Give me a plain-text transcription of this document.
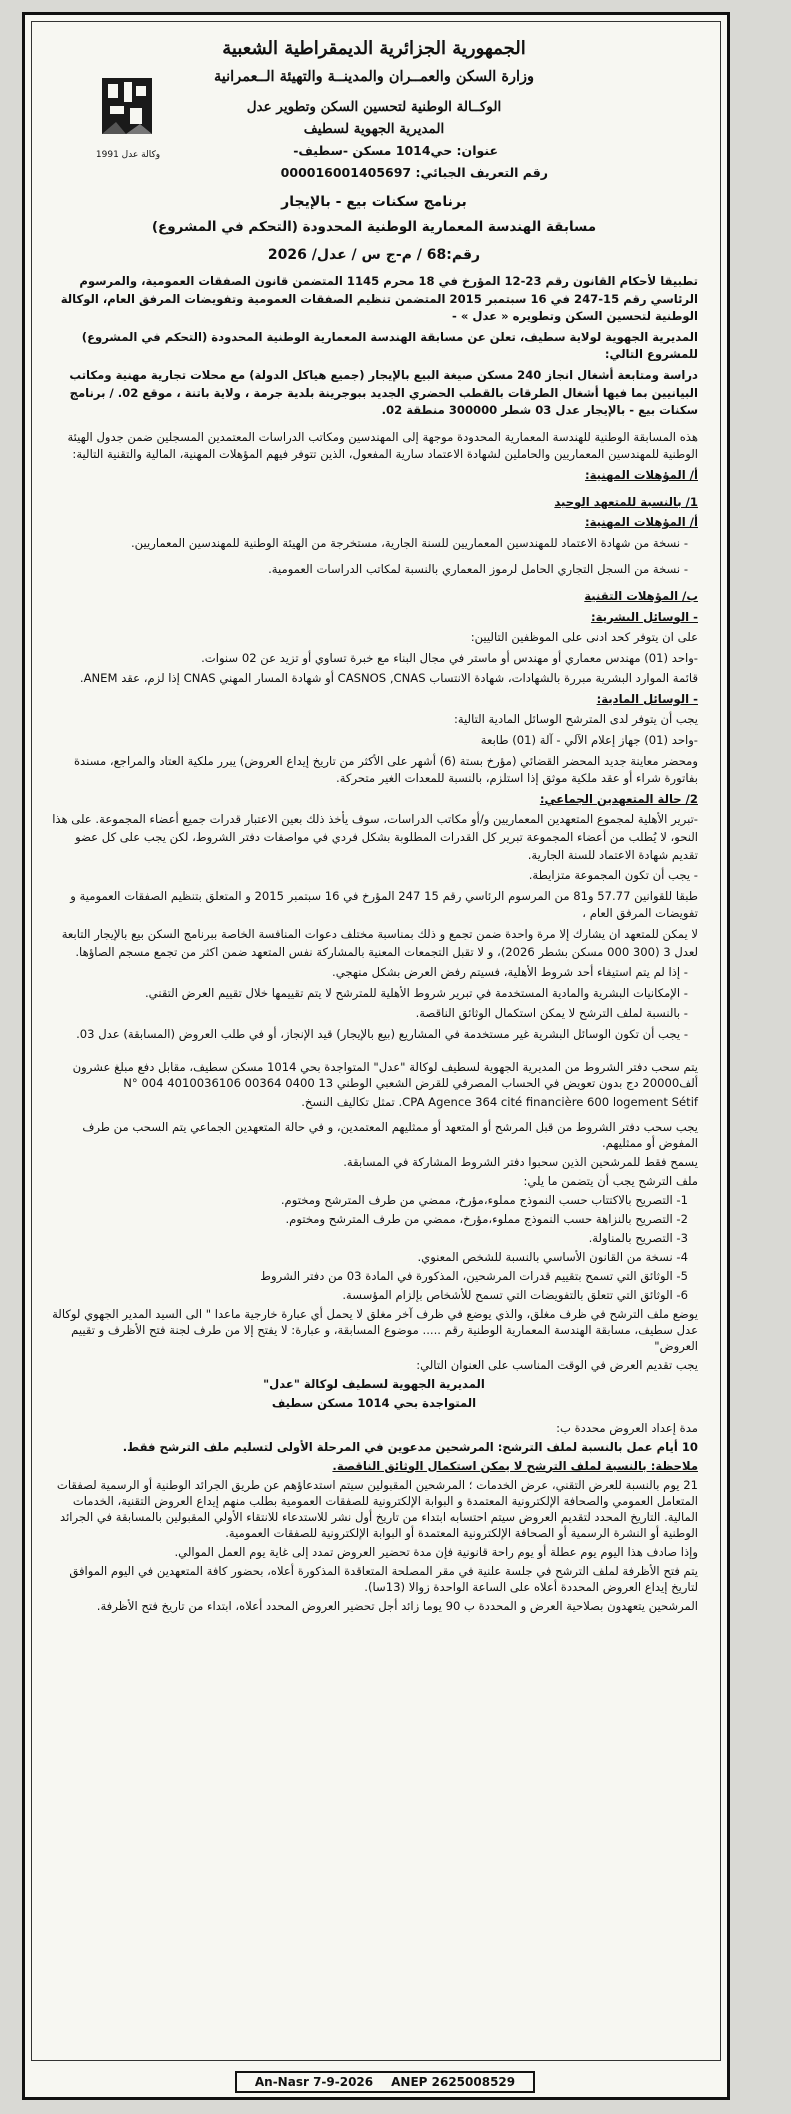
وكالة عدل 1991
الجمهورية الجزائرية الديمقراطية الشعبية
وزارة السكن والعمــران والمدينــة والتهيئة الــعمرانية
الوكــالة الوطنية لتحسين السكن وتطوير عدل
المديرية الجهوية لسطيف
عنوان: حي1014 مسكن -سطيف-
رقم التعريف الجبائي: 000016001405697
برنامج سكنات بيع - بالإيجار
مسابقة الهندسة المعمارية الوطنية المحدودة (التحكم في المشروع)
رقم:68 / م-ج س / عدل/ 2026

تطبيقا لأحكام القانون رقم 23-12 المؤرخ في 18 محرم 1145 المتضمن قانون الصفقات العمومية، والمرسوم الرئاسي رقم 15-247 في 16 سبتمبر 2015 المتضمن تنظيم الصفقات العمومية وتفويضات المرفق العام، الوكالة الوطنية لتحسين السكن وتطويره « عدل » -

المديرية الجهوية لولاية سطيف، تعلن عن مسابقة الهندسة المعمارية الوطنية المحدودة (التحكم في المشروع) للمشروع التالي:

دراسة ومتابعة أشغال انجاز 240 مسكن صيغة البيع بالإيجار (جميع هياكل الدولة) مع محلات تجارية مهنية ومكاتب البيانيين بما فيها أشغال الطرقات بالقطب الحضري الجديد ببوجرينة بلدية جرمة ، ولاية باتنة ، موقع 02. / برنامج سكنات بيع - بالإيجار عدل 03 شطر 300000 منطقة 02.

هذه المسابقة الوطنية للهندسة المعمارية المحدودة موجهة إلى المهندسين ومكاتب الدراسات المعتمدين المسجلين ضمن جدول الهيئة الوطنية للمهندسين المعماريين والحاملين لشهادة الاعتماد سارية المفعول، الذين تتوفر فيهم المؤهلات المهنية، المالية والتقنية التالية:

أ/ المؤهلات المهنية:

1/ بالنسبة للمتعهد الوحيد

أ/ المؤهلات المهنية:

- نسخة من شهادة الاعتماد للمهندسين المعماريين للسنة الجارية، مستخرجة من الهيئة الوطنية للمهندسين المعماريين.

- نسخة من السجل التجاري الحامل لرموز المعماري بالنسبة لمكاتب الدراسات العمومية.

ب/ المؤهلات التقنية

- الوسائل البشرية:

على ان يتوفر كحد ادنى على الموظفين التاليين:

-واحد (01) مهندس معماري أو مهندس أو ماستر في مجال البناء مع خبرة تساوي أو تزيد عن 02 سنوات.

قائمة الموارد البشرية مبررة بالشهادات، شهادة الانتساب CASNOS ,CNAS أو شهادة المسار المهني CNAS إذا لزم، عقد ANEM.

- الوسائل المادية:

يجب أن يتوفر لدى المترشح الوسائل المادية التالية:

-واحد (01) جهاز إعلام الآلي - آلة (01) طابعة

ومحضر معاينة جديد المحضر القضائي (مؤرخ بستة (6) أشهر على الأكثر من تاريخ إيداع العروض) يبرر ملكية العتاد والمراجع، مسندة بفاتورة شراء أو عقد ملكية موثق إذا استلزم، بالنسبة للمعدات الغير متحركة.

2/ حالة المتعهدين الجماعي:

-تبرير الأهلية لمجموع المتعهدين المعماريين و/أو مكاتب الدراسات، سوف يأخذ ذلك بعين الاعتبار قدرات جميع أعضاء المجموعة. على هذا النحو، لا يُطلب من أعضاء المجموعة تبرير كل القدرات المطلوبة بشكل فردي في مواصفات دفتر الشروط، لكن يجب على كل عضو تقديم شهادة الاعتماد للسنة الجارية.

- يجب أن تكون المجموعة متزايطة.

طبقا للقوانين 57.77 و81 من المرسوم الرئاسي رقم 15 247 المؤرخ في 16 سبتمبر 2015 و المتعلق بتنظيم الصفقات العمومية و تفويضات المرفق العام ،

لا يمكن للمتعهد ان يشارك إلا مرة واحدة ضمن تجمع و ذلك بمناسبة مختلف دعوات المنافسة الخاصة ببرنامج السكن بيع بالإيجار التابعة لعدل 3 (300 000 مسكن بشطر 2026)، و لا تقبل التجمعات المعنية بالمشاركة نفس المتعهد ضمن اكثر من تجمع مسجم الصاؤها.

- إذا لم يتم استيفاء أحد شروط الأهلية، فسيتم رفض العرض بشكل منهجي.

- الإمكانيات البشرية والمادية المستخدمة في تبرير شروط الأهلية للمترشح لا يتم تقييمها خلال تقييم العرض التقني.

- بالنسبة لملف الترشح لا يمكن استكمال الوثائق الناقصة.

- يجب أن تكون الوسائل البشرية غير مستخدمة في المشاريع (بيع بالإيجار) قيد الإنجاز، أو في طلب العروض (المسابقة) عدل 03.

يتم سحب دفتر الشروط من المديرية الجهوية لسطيف لوكالة "عدل" المتواجدة بحي 1014 مسكن سطيف، مقابل دفع مبلغ عشرون ألف20000 دج بدون تعويض في الحساب المصرفي للقرض الشعبي الوطني 13 0400 00364 4010036106 N° 004

CPA Agence 364 cité financière 600 logement Sétif. تمثل تكاليف النسخ.

يجب سحب دفتر الشروط من قبل المرشح أو المتعهد أو ممثليهم المعتمدين، و في حالة المتعهدين الجماعي يتم السحب من طرف المفوض أو ممثليهم.

يسمح فقط للمرشحين الذين سحبوا دفتر الشروط المشاركة في المسابقة.

ملف الترشح يجب أن يتضمن ما يلي:

1- التصريح بالاكتتاب حسب النموذج مملوء،مؤرخ، ممضي من طرف المترشح ومختوم.

2- التصريح بالنزاهة حسب النموذج مملوء،مؤرخ، ممضي من طرف المترشح ومختوم.

3- التصريح بالمناولة.

4- نسخة من القانون الأساسي بالنسبة للشخص المعنوي.

5- الوثائق التي تسمح بتقييم قدرات المرشحين، المذكورة في المادة 03 من دفتر الشروط

6- الوثائق التي تتعلق بالتفويضات التي تسمح للأشخاص بإلزام المؤسسة.

يوضع ملف الترشح في ظرف مغلق، والذي يوضع في ظرف آخر مغلق لا يحمل أي عبارة خارجية ماعدا " الى السيد المدير الجهوي لوكالة عدل سطيف، مسابقة الهندسة المعمارية الوطنية رقم ..... موضوع المسابقة، و عبارة: لا يفتح إلا من طرف لجنة فتح الأظرف و تقييم العروض"

يجب تقديم العرض في الوقت المناسب على العنوان التالي:

المديرية الجهوية لسطيف لوكالة "عدل"

المتواجدة بحي 1014 مسكن سطيف

مدة إعداد العروض محددة ب:

10 أيام عمل بالنسبة لملف الترشح: المرشحين مدعوين في المرحلة الأولى لتسليم ملف الترشح فقط.

ملاحظة: بالنسبة لملف الترشح لا يمكن استكمال الوثائق الناقصة.

21 يوم بالنسبة للعرض التقني، عرض الخدمات ؛ المرشحين المقبولين سيتم استدعاؤهم عن طريق الجرائد الوطنية أو الرسمية لصفقات المتعامل العمومي والصحافة الإلكترونية المعتمدة و البوابة الإلكترونية للصفقات العمومية بطلب منهم إيداع العروض التقنية، الخدمات المالية. التاريخ المحدد لتقديم العروض سيتم احتسابه ابتداء من تاريخ أول نشر للاستدعاء للانتقاء الأولي المقبولين بالمسابقة في الجرائد الوطنية أو النشرة الرسمية أو الصحافة الإلكترونية المعتمدة أو البوابة الإلكترونية للصفقات العمومية.

وإذا صادف هذا اليوم يوم عطلة أو يوم راحة قانونية فإن مدة تحضير العروض تمدد إلى غاية يوم العمل الموالي.

يتم فتح الأظرفة لملف الترشح في جلسة علنية في مقر المصلحة المتعاقدة المذكورة أعلاه، بحضور كافة المتعهدين في اليوم الموافق لتاريخ إيداع العروض المحددة أعلاه على الساعة الواحدة زوالا (13سا).

المرشحين يتعهدون بصلاحية العرض و المحددة ب 90 يوما زائد أجل تحضير العروض المحدد أعلاه، ابتداء من تاريخ فتح الأظرفة.

An-Nasr 7-9-2026 ANEP 2625008529
